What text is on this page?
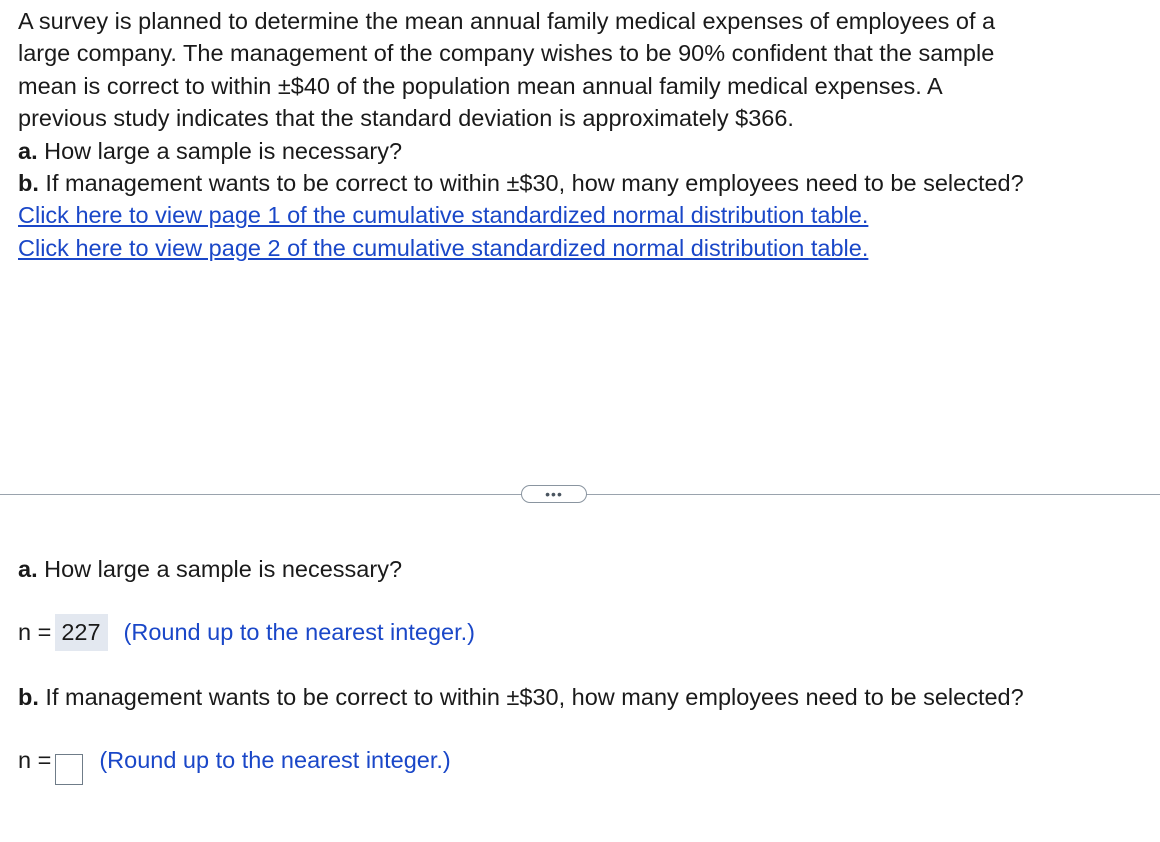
A survey is planned to determine the mean annual family medical expenses of employees of a
large company. The management of the company wishes to be 90% confident that the sample
mean is correct to within ±$40 of the population mean annual family medical expenses. A
previous study indicates that the standard deviation is approximately $366.
a. How large a sample is necessary?
b. If management wants to be correct to within ±$30, how many employees need to be selected?
Click here to view page 1 of the cumulative standardized normal distribution table.
Click here to view page 2 of the cumulative standardized normal distribution table.
•••
a. How large a sample is necessary?
n = 227 (Round up to the nearest integer.)
b. If management wants to be correct to within ±$30, how many employees need to be selected?
n = (Round up to the nearest integer.)
